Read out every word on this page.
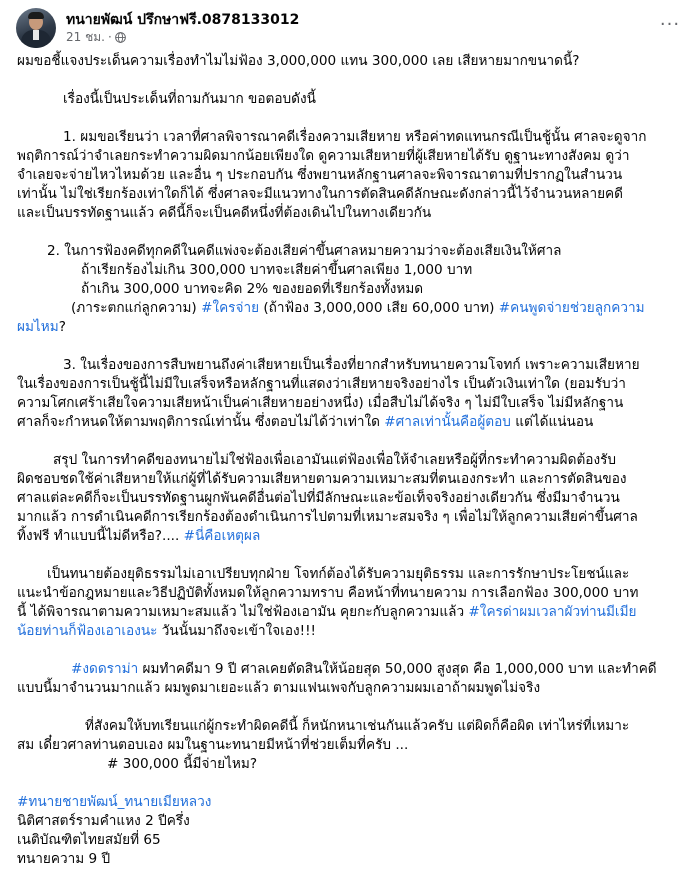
ทนายพัฒน์ ปรึกษาฟรี.0878133012
21 ชม. ·
···

ผมขอชี้แจงประเด็นความเรื่องทำไมไม่ฟ้อง 3,000,000 แทน 300,000 เลย เสียหายมากขนาดนี้?

เรื่องนี้เป็นประเด็นที่ถามกันมาก ขอตอบดังนี้

1. ผมขอเรียนว่า เวลาที่ศาลพิจารณาคดีเรื่องความเสียหาย หรือค่าทดแทนกรณีเป็นชู้นั้น ศาลจะดูจาก

พฤติการณ์ว่าจำเลยกระทำความผิดมากน้อยเพียงใด ดูความเสียหายที่ผู้เสียหายได้รับ ดูฐานะทางสังคม ดูว่า

จำเลยจะจ่ายไหวไหมด้วย และอื่น ๆ ประกอบกัน ซึ่งพยานหลักฐานศาลจะพิจารณาตามที่ปรากฏในสำนวน

เท่านั้น ไม่ใช่เรียกร้องเท่าใดก็ได้ ซึ่งศาลจะมีแนวทางในการตัดสินคดีลักษณะดังกล่าวนี้ไว้จำนวนหลายคดี

และเป็นบรรทัดฐานแล้ว คดีนี้ก็จะเป็นคดีหนึ่งที่ต้องเดินไปในทางเดียวกัน

2. ในการฟ้องคดีทุกคดีในคดีแพ่งจะต้องเสียค่าขึ้นศาลหมายความว่าจะต้องเสียเงินให้ศาล

ถ้าเรียกร้องไม่เกิน 300,000 บาทจะเสียค่าขึ้นศาลเพียง 1,000 บาท

ถ้าเกิน 300,000 บาทจะคิด 2% ของยอดที่เรียกร้องทั้งหมด

(ภาระตกแก่ลูกความ) #ใครจ่าย (ถ้าฟ้อง 3,000,000 เสีย 60,000 บาท) #คนพูดจ่ายช่วยลูกความ

ผมไหม?

3. ในเรื่องของการสืบพยานถึงค่าเสียหายเป็นเรื่องที่ยากสำหรับทนายความโจทก์ เพราะความเสียหาย

ในเรื่องของการเป็นชู้นี้ไม่มีใบเสร็จหรือหลักฐานที่แสดงว่าเสียหายจริงอย่างไร เป็นตัวเงินเท่าใด (ยอมรับว่า

ความโศกเศร้าเสียใจความเสียหน้าเป็นค่าเสียหายอย่างหนึ่ง) เมื่อสืบไม่ได้จริง ๆ ไม่มีใบเสร็จ ไม่มีหลักฐาน

ศาลก็จะกำหนดให้ตามพฤติการณ์เท่านั้น ซึ่งตอบไม่ได้ว่าเท่าใด #ศาลเท่านั้นคือผู้ตอบ แต่ได้แน่นอน

สรุป ในการทำคดีของทนายไม่ใช่ฟ้องเพื่อเอามันแต่ฟ้องเพื่อให้จำเลยหรือผู้ที่กระทำความผิดต้องรับ

ผิดชอบชดใช้ค่าเสียหายให้แก่ผู้ที่ได้รับความเสียหายตามความเหมาะสมที่ตนเองกระทำ และการตัดสินของ

ศาลแต่ละคดีก็จะเป็นบรรทัดฐานผูกพันคดีอื่นต่อไปที่มีลักษณะและข้อเท็จจริงอย่างเดียวกัน ซึ่งมีมาจำนวน

มากแล้ว การดำเนินคดีการเรียกร้องต้องดำเนินการไปตามที่เหมาะสมจริง ๆ เพื่อไม่ให้ลูกความเสียค่าขึ้นศาล

ทิ้งฟรี ทำแบบนี้ไม่ดีหรือ?.... #นี่คือเหตุผล

เป็นทนายต้องยุติธรรมไม่เอาเปรียบทุกฝ่าย โจทก์ต้องได้รับความยุติธรรม และการรักษาประโยชน์และ

แนะนำข้อกฎหมายและวิธีปฏิบัติทั้งหมดให้ลูกความทราบ คือหน้าที่ทนายความ การเลือกฟ้อง 300,000 บาท

นี้ ได้พิจารณาตามความเหมาะสมแล้ว ไม่ใช่ฟ้องเอามัน คุยกะกับลูกความแล้ว #ใครด่าผมเวลาผัวท่านมีเมีย

น้อยท่านก็ฟ้องเอาเองนะ วันนั้นมาถึงจะเข้าใจเอง!!!

#งดดราม่า ผมทำคดีมา 9 ปี ศาลเคยตัดสินให้น้อยสุด 50,000 สูงสุด คือ 1,000,000 บาท และทำคดี

แบบนี้มาจำนวนมากแล้ว ผมพูดมาเยอะแล้ว ตามแฟนเพจกับลูกความผมเอาถ้าผมพูดไม่จริง

ที่สังคมให้บทเรียนแก่ผู้กระทำผิดคดีนี้ ก็หนักหนาเช่นกันแล้วครับ แต่ผิดก็คือผิด เท่าไหร่ที่เหมาะ

สม เดี๋ยวศาลท่านตอบเอง ผมในฐานะทนายมีหน้าที่ช่วยเต็มที่ครับ ...

# 300,000 นี้มีจ่ายไหม?

#ทนายชายพัฒน์_ทนายเมียหลวง

นิติศาสตร์รามคำแหง 2 ปีครึ่ง

เนติบัณฑิตไทยสมัยที่ 65

ทนายความ 9 ปี
